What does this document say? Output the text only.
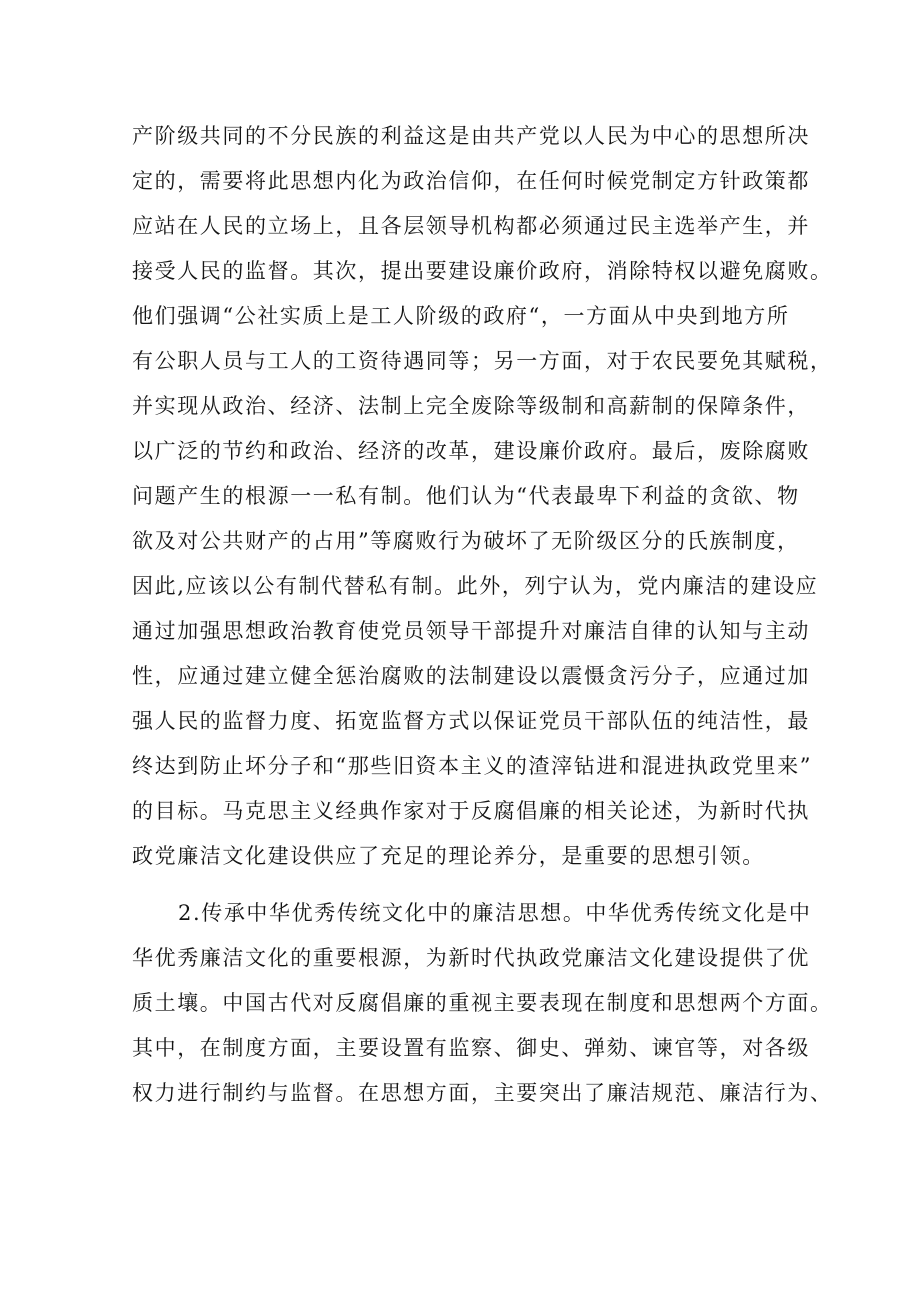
产阶级共同的不分民族的利益这是由共产党以人民为中心的思想所决
定的，需要将此思想内化为政治信仰，在任何时候党制定方针政策都
应站在人民的立场上，且各层领导机构都必须通过民主选举产生，并
接受人民的监督。其次，提出要建设廉价政府，消除特权以避免腐败。
他们强调“公社实质上是工人阶级的政府“，一方面从中央到地方所
有公职人员与工人的工资待遇同等；另一方面，对于农民要免其赋税，
并实现从政治、经济、法制上完全废除等级制和高薪制的保障条件，
以广泛的节约和政治、经济的改革，建设廉价政府。最后，废除腐败
问题产生的根源一一私有制。他们认为“代表最卑下利益的贪欲、物
欲及对公共财产的占用”等腐败行为破坏了无阶级区分的氏族制度，
因此,应该以公有制代替私有制。此外，列宁认为，党内廉洁的建设应
通过加强思想政治教育使党员领导干部提升对廉洁自律的认知与主动
性，应通过建立健全惩治腐败的法制建设以震慑贪污分子，应通过加
强人民的监督力度、拓宽监督方式以保证党员干部队伍的纯洁性，最
终达到防止坏分子和“那些旧资本主义的渣滓钻进和混进执政党里来”
的目标。马克思主义经典作家对于反腐倡廉的相关论述，为新时代执
政党廉洁文化建设供应了充足的理论养分，是重要的思想引领。
2.传承中华优秀传统文化中的廉洁思想。中华优秀传统文化是中
华优秀廉洁文化的重要根源，为新时代执政党廉洁文化建设提供了优
质土壤。中国古代对反腐倡廉的重视主要表现在制度和思想两个方面。
其中，在制度方面，主要设置有监察、御史、弹劾、谏官等，对各级
权力进行制约与监督。在思想方面，主要突出了廉洁规范、廉洁行为、
